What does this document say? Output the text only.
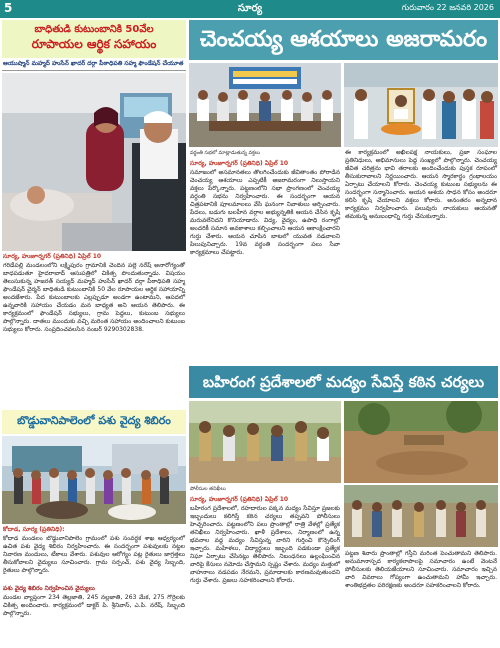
5	సూర్య	గురువారం 22 జనవరి 2026
బాధితుడి కుటుంబానికి 50వేల
రూపాయల ఆర్థిక సహాయం
ఆయుష్మాన్ మహ్మద్ హుసేన్ ఖాదర్ దర్గా పీఠాధిపతి సహ్మ ఫౌండేషన్ చేయూత
సూర్య, హుజూర్నగర్ (ప్రతినిధి) ఏప్రిల్ 10
గరిడేపల్లి మండలంలోని లక్ష్మిపురం గ్రామానికి చెందిన పల్లె నరేష్ అనారోగ్యంతో బాధపడుతూ హైదరాబాద్ ఆసుపత్రిలో చికిత్స పొందుతున్నాడు. విషయం తెలుసుకున్న హజరత్ సయ్యద్ మహ్మద్ హుసేన్ ఖాదర్ దర్గా పీఠాధిపతి సహ్మ ఫౌండేషన్ చైర్మన్ బాధితుడి కుటుంబానికి 50 వేల రూపాయల ఆర్థిక సహాయాన్ని అందజేశారు. పేద కుటుంబాలకు ఎల్లప్పుడూ అండగా ఉంటామని, ఆపదలో ఉన్నవారికి సహాయం చేయడం మన బాధ్యత అని ఆయన తెలిపారు. ఈ కార్యక్రమంలో ఫౌండేషన్ సభ్యులు, గ్రామ పెద్దలు, కుటుంబ సభ్యులు పాల్గొన్నారు. దాతలు ముందుకు వచ్చి మరింత సహాయం అందించాలని కుటుంబ సభ్యులు కోరారు. సంప్రదించవలసిన నంబర్ 9290302838.
బొడ్డువానిపాలెంలో పశు వైద్య శిబిరం
కోదాడ, సూర్య (ప్రతినిధి):
కోదాడ మండలం బొడ్డువానిపాలెం గ్రామంలో పశు సంవర్ధక శాఖ ఆధ్వర్యంలో ఉచిత పశు వైద్య శిబిరం నిర్వహించారు. ఈ సందర్భంగా పశువులకు నట్టల నివారణ మందులు, టీకాలు వేశారు. పశువుల ఆరోగ్యం పట్ల రైతులు జాగ్రత్తలు తీసుకోవాలని వైద్యులు సూచించారు. గ్రామ సర్పంచ్, పశు వైద్య సిబ్బంది, రైతులు పాల్గొన్నారు.
పశు వైద్య శిబిరం నిర్వహించిన వైద్యులు
మండల వ్యాప్తంగా 234 తెల్లజాతి, 245 నల్లజాతి, 263 మేక, 275 గొర్రెలకు చికిత్స అందించారు. కార్యక్రమంలో డాక్టర్ పి. శ్రీనివాస్, ఎ.పి. నరేష్, సిబ్బంది పాల్గొన్నారు.
చెంచయ్య ఆశయాలు అజరామరం
వర్ధంతి సభలో మాట్లాడుతున్న వక్తలు
సూర్య, హుజూర్నగర్ (ప్రతినిధి) ఏప్రిల్ 10
సమాజంలో అసమానతలు తొలగించేందుకు జీవితాంతం పోరాడిన చెంచయ్య ఆశయాలు ఎప్పటికీ అజరామరంగా నిలుస్తాయని వక్తలు పేర్కొన్నారు. పట్టణంలోని సభా ప్రాంగణంలో చెంచయ్య వర్ధంతి సభను నిర్వహించారు. ఈ సందర్భంగా ఆయన చిత్రపటానికి పూలమాలలు వేసి ఘనంగా నివాళులు అర్పించారు. పేదలు, బడుగు బలహీన వర్గాల అభ్యున్నతికి ఆయన చేసిన కృషి మరువలేనిదని కొనియాడారు. విద్య, వైద్యం, ఉపాధి రంగాల్లో అందరికీ సమాన అవకాశాలు కల్పించాలని ఆయన ఆకాంక్షించారని గుర్తు చేశారు. ఆయన చూపిన బాటలో యువత నడవాలని పిలుపునిచ్చారు. 19వ వర్ధంతి సందర్భంగా పలు సేవా కార్యక్రమాలు చేపట్టారు.
ఈ కార్యక్రమంలో అఖిలపక్ష నాయకులు, ప్రజా సంఘాల ప్రతినిధులు, అభిమానులు పెద్ద సంఖ్యలో పాల్గొన్నారు. చెంచయ్య జీవిత చరిత్రను భావి తరాలకు అందించేందుకు పుస్తక రూపంలో తీసుకురావాలని నిర్ణయించారు. ఆయన స్మారకార్థం గ్రంథాలయం ఏర్పాటు చేయాలని కోరారు. చెంచయ్య కుటుంబ సభ్యులను ఈ సందర్భంగా సన్మానించారు. ఆయన ఆశయ సాధన కోసం అందరూ కలిసి కృషి చేయాలని వక్తలు కోరారు. అనంతరం అన్నదాన కార్యక్రమం నిర్వహించారు. పలువురు నాయకులు ఆయనతో తమకున్న అనుబంధాన్ని గుర్తు చేసుకున్నారు.
బహిరంగ ప్రదేశాలలో మద్యం సేవిస్తే కఠిన చర్యలు
పోలీసుల తనిఖీలు
సూర్య, హుజూర్నగర్ (ప్రతినిధి) ఏప్రిల్ 10
బహిరంగ ప్రదేశాలలో, రహదారుల పక్కన మద్యం సేవిస్తూ ప్రజలకు ఇబ్బందులు కలిగిస్తే కఠిన చర్యలు తప్పవని పోలీసులు హెచ్చరించారు. పట్టణంలోని పలు ప్రాంతాల్లో రాత్రి వేళల్లో ప్రత్యేక తనిఖీలు నిర్వహించారు. ఖాళీ ప్రదేశాలు, నిర్మాణంలో ఉన్న భవనాల వద్ద మద్యం సేవిస్తున్న వారిని గుర్తించి కౌన్సెలింగ్ ఇచ్చారు. మహిళలు, విద్యార్థులు ఇబ్బంది పడకుండా ప్రత్యేక నిఘా ఏర్పాటు చేసినట్లు తెలిపారు. నిబంధనలు ఉల్లంఘించిన వారిపై కేసులు నమోదు చేస్తామని స్పష్టం చేశారు. మద్యం మత్తులో వాహనాలు నడపడం నేరమని, ప్రమాదాలకు కారణమవుతుందని గుర్తు చేశారు. ప్రజలు సహకరించాలని కోరారు.
పట్టణ శివారు ప్రాంతాల్లో గస్తీని మరింత పెంచుతామని తెలిపారు. అనుమానాస్పద కార్యకలాపాలపై సమాచారం ఉంటే వెంటనే పోలీసులకు తెలియజేయాలని సూచించారు. సమాచారం ఇచ్చిన వారి వివరాలు గోప్యంగా ఉంచుతామని హామీ ఇచ్చారు. శాంతిభద్రతల పరిరక్షణకు అందరూ సహకరించాలని కోరారు.
